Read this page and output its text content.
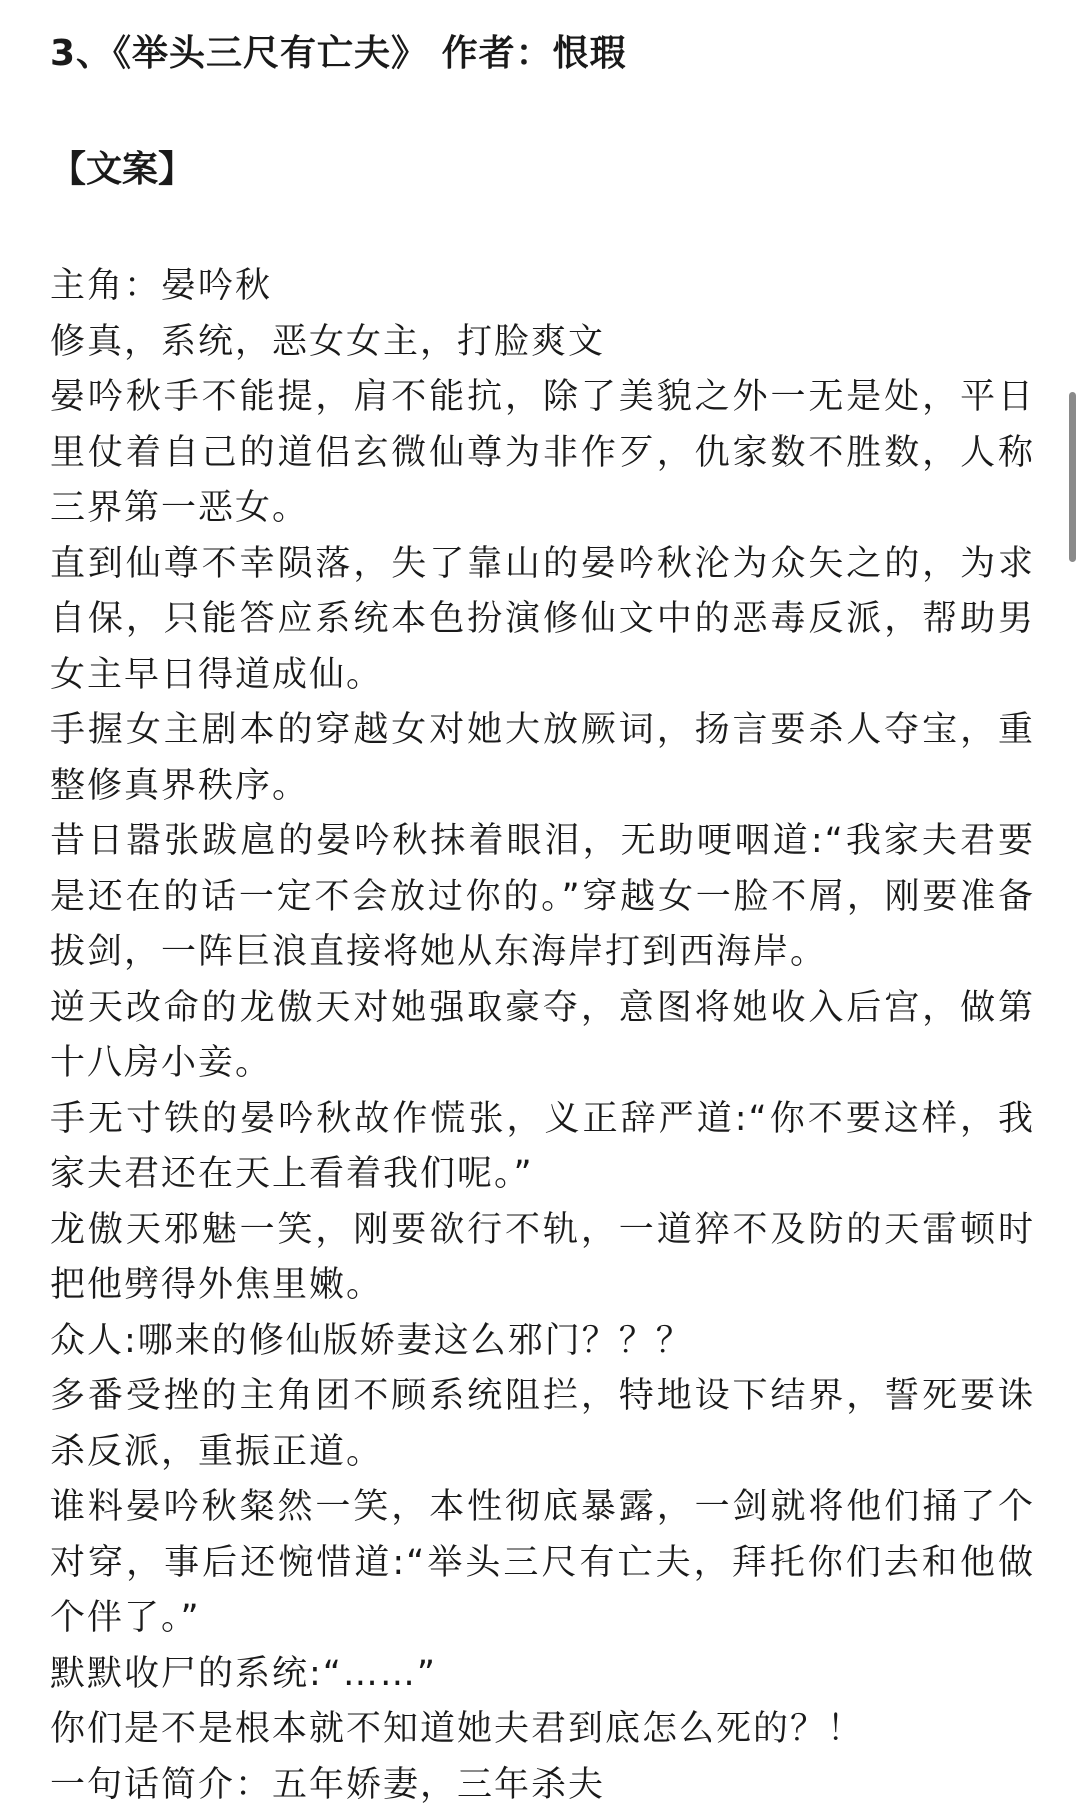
3、《举头三尺有亡夫》 作者：恨瑕
【文案】

主角：晏吟秋

修真，系统，恶女女主，打脸爽文

晏吟秋手不能提，肩不能抗，除了美貌之外一无是处，平日里仗着自己的道侣玄微仙尊为非作歹，仇家数不胜数，人称三界第一恶女。

直到仙尊不幸陨落，失了靠山的晏吟秋沦为众矢之的，为求自保，只能答应系统本色扮演修仙文中的恶毒反派，帮助男女主早日得道成仙。

手握女主剧本的穿越女对她大放厥词，扬言要杀人夺宝，重整修真界秩序。

昔日嚣张跋扈的晏吟秋抹着眼泪，无助哽咽道:“我家夫君要是还在的话一定不会放过你的。”穿越女一脸不屑，刚要准备拔剑，一阵巨浪直接将她从东海岸打到西海岸。

逆天改命的龙傲天对她强取豪夺，意图将她收入后宫，做第十八房小妾。

手无寸铁的晏吟秋故作慌张，义正辞严道:“你不要这样，我家夫君还在天上看着我们呢。”

龙傲天邪魅一笑，刚要欲行不轨，一道猝不及防的天雷顿时把他劈得外焦里嫩。

众人:哪来的修仙版娇妻这么邪门？？？

多番受挫的主角团不顾系统阻拦，特地设下结界，誓死要诛杀反派，重振正道。

谁料晏吟秋粲然一笑，本性彻底暴露，一剑就将他们捅了个对穿，事后还惋惜道:“举头三尺有亡夫，拜托你们去和他做个伴了。”

默默收尸的系统:“……”

你们是不是根本就不知道她夫君到底怎么死的？！

一句话简介：五年娇妻，三年杀夫
